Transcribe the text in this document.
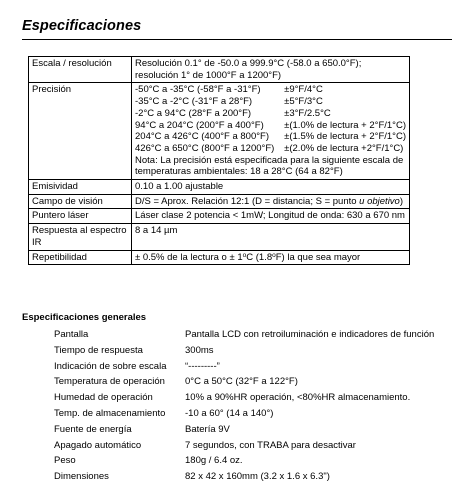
Especificaciones
Escala / resolución	Resolución 0.1° de -50.0 a 999.9°C (-58.0 a 650.0°F);
resolución 1° de 1000°F a 1200°F)

Precisión		-50°C a -35°C (-58°F a -31°F)	±9°F/4°C
-35°C a -2°C (-31°F a 28°F)	±5°F/3°C
-2°C a 94°C (28°F a 200°F)	±3°F/2.5°C
94°C a 204°C (200°F a 400°F)	±(1.0% de lectura + 2°F/1°C)
204°C a 426°C (400°F a 800°F)	±(1.5% de lectura + 2°F/1°C)
426°C a 650°C (800°F a 1200°F)	±(2.0% de lectura +2°F/1°C)
Nota: La precisión está especificada para la siguiente escala de
temperaturas ambientales: 18 a 28°C (64 a 82°F)

Emisividad	0.10 a 1.00 ajustable
Campo de visión	D/S = Aprox. Relación 12:1 (D = distancia; S = punto u objetivo)
Puntero láser	Láser clase 2 potencia < 1mW; Longitud de onda: 630 a 670 nm
Respuesta al espectro IR	8 a 14 µm
Repetibilidad	± 0.5% de la lectura $o \pm 1^oC$ (1.8$^o$F) la que sea mayor
Especificaciones generales
Pantalla	Pantalla LCD con retroiluminación e indicadores de función
Tiempo de respuesta	300ms
Indicación de sobre escala “---------”
Temperatura de operación 0°C a 50°C (32°F a 122°F)
Humedad de operación	10% a 90%HR operación, <80%HR almacenamiento.
Temp. de almacenamiento -10 a 60° (14 a 140°)
Fuente de energía	Batería 9V
Apagado automático	7 segundos, con TRABA para desactivar
Peso	180g / 6.4 oz.
Dimensiones	82 x 42 x 160mm (3.2 x 1.6 x 6.3")
